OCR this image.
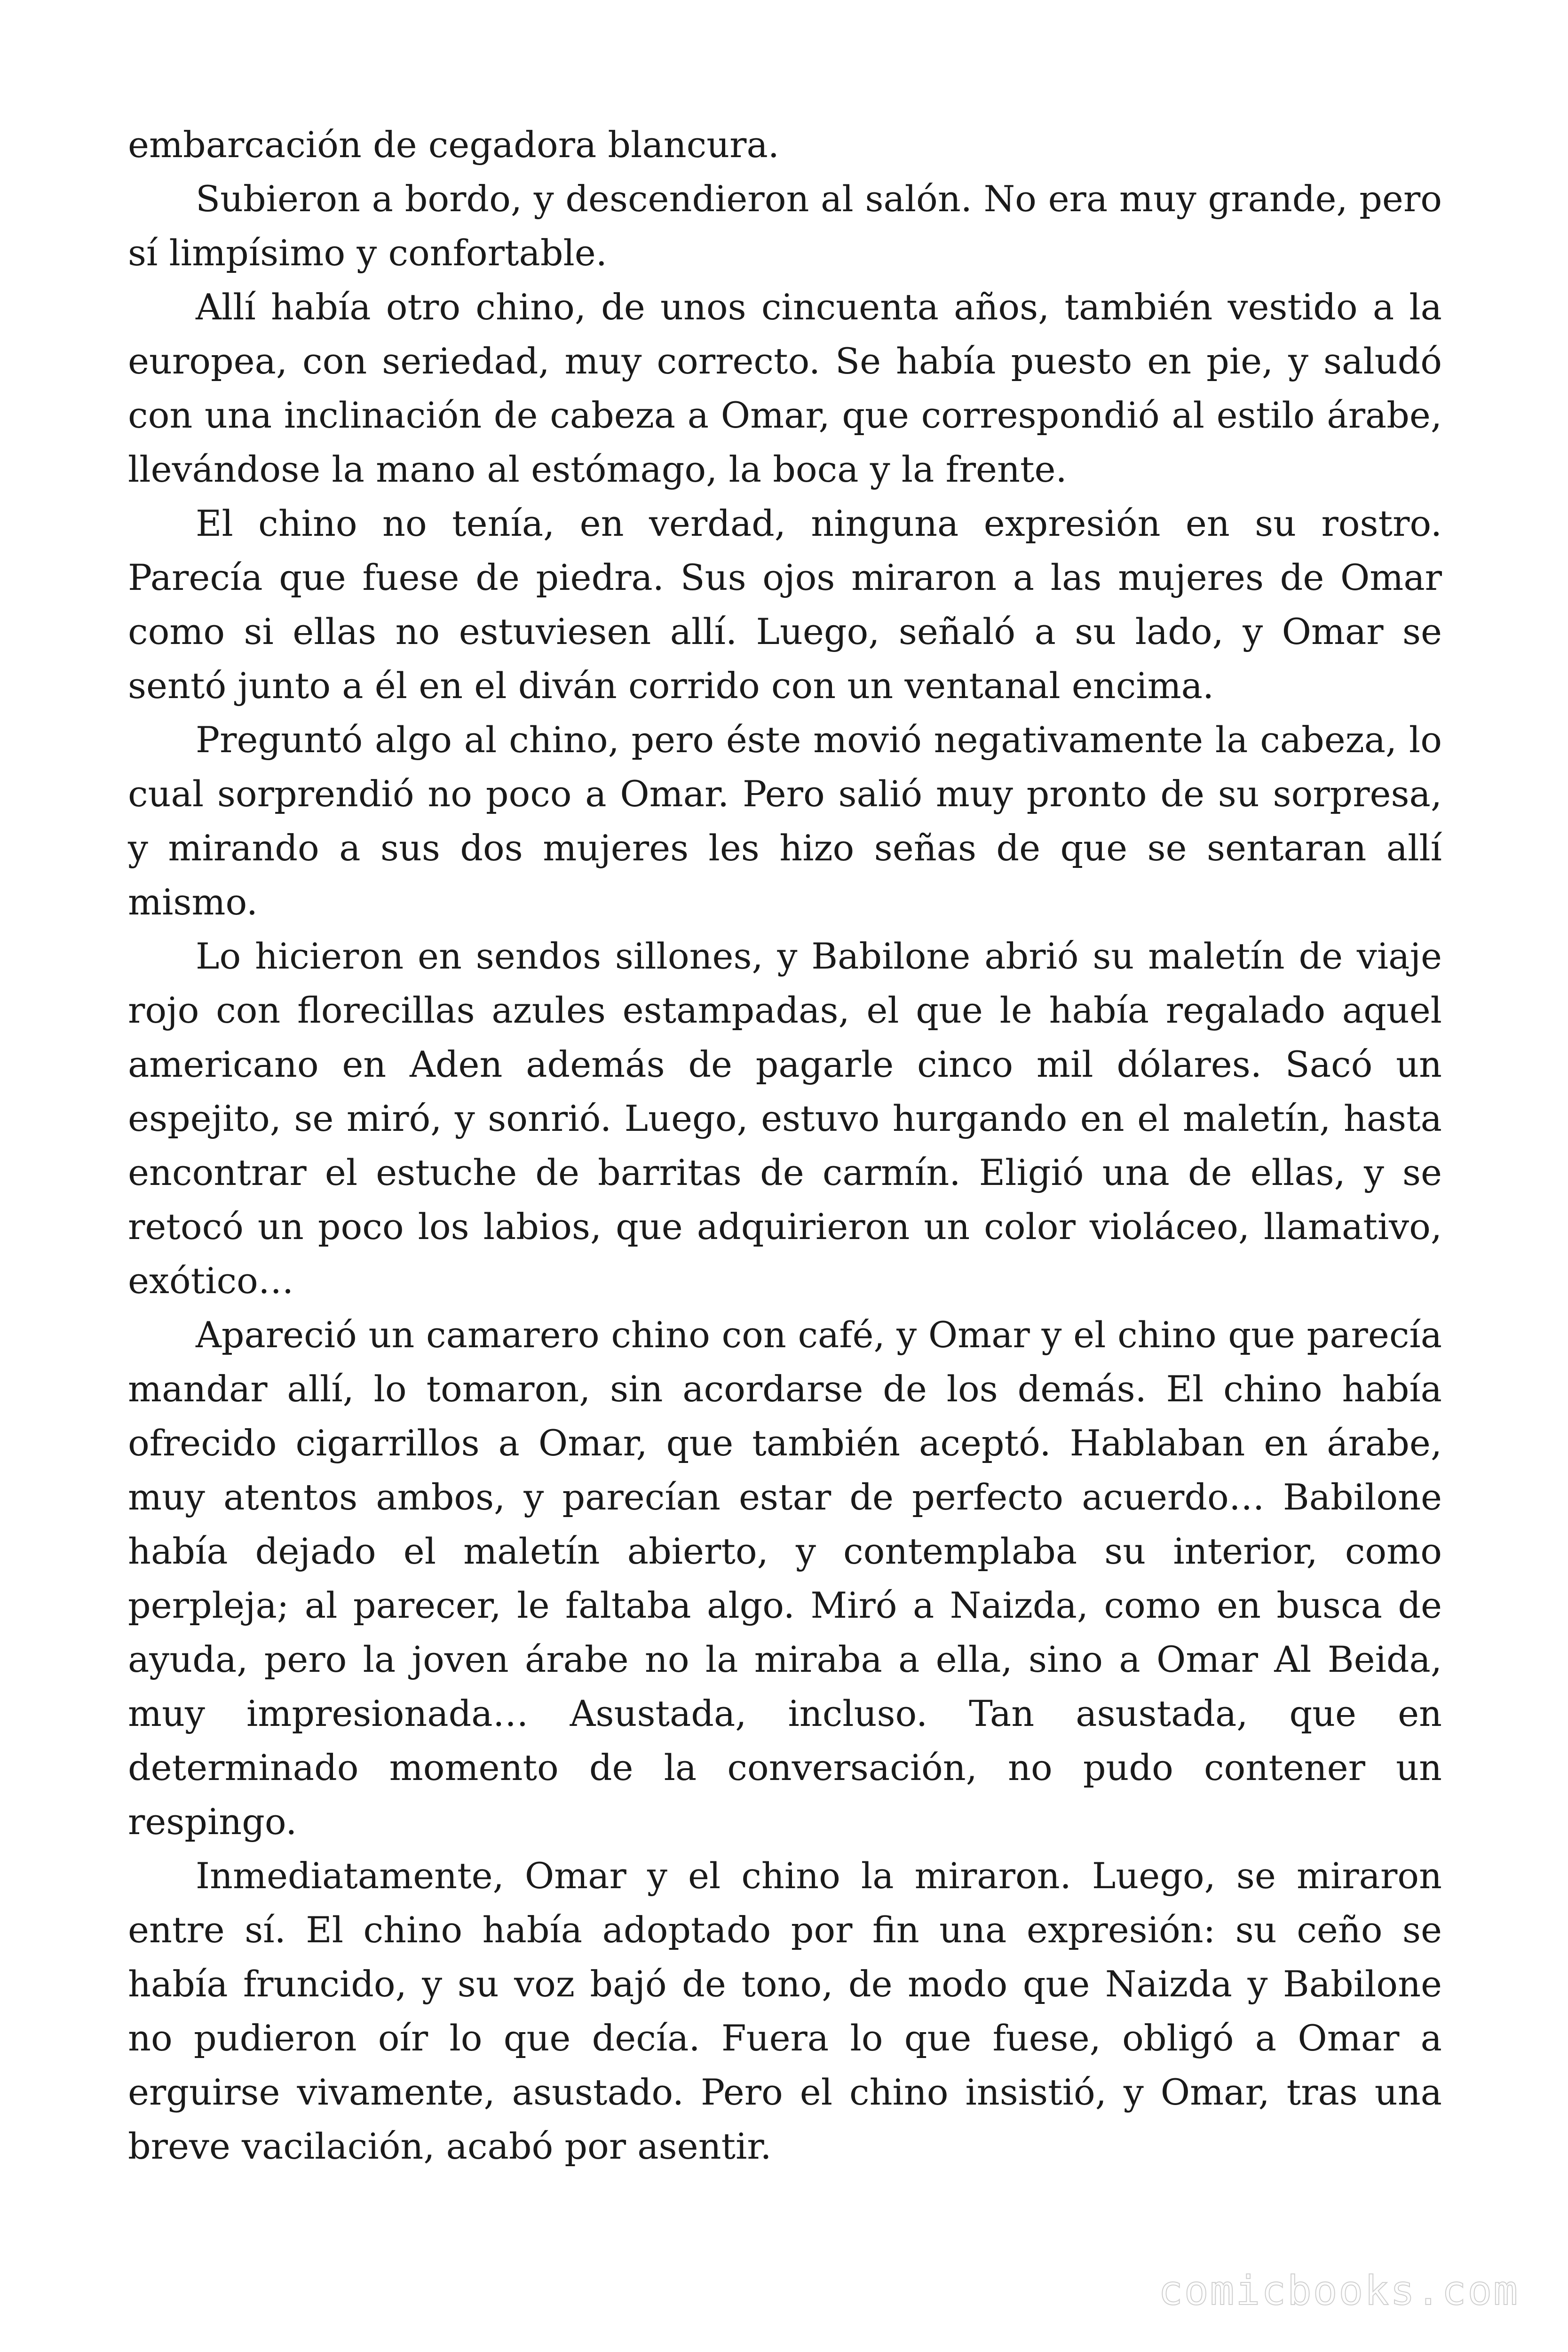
embarcación de cegadora blancura.

Subieron a bordo, y descendieron al salón. No era muy grande, pero sí limpísimo y confortable.

Allí había otro chino, de unos cincuenta años, también vestido a la europea, con seriedad, muy correcto. Se había puesto en pie, y saludó con una inclinación de cabeza a Omar, que correspondió al estilo árabe, llevándose la mano al estómago, la boca y la frente.

El chino no tenía, en verdad, ninguna expresión en su rostro. Parecía que fuese de piedra. Sus ojos miraron a las mujeres de Omar como si ellas no estuviesen allí. Luego, señaló a su lado, y Omar se sentó junto a él en el diván corrido con un ventanal encima.

Preguntó algo al chino, pero éste movió negativamente la cabeza, lo cual sorprendió no poco a Omar. Pero salió muy pronto de su sorpresa, y mirando a sus dos mujeres les hizo señas de que se sentaran allí mismo.

Lo hicieron en sendos sillones, y Babilone abrió su maletín de viaje rojo con florecillas azules estampadas, el que le había regalado aquel americano en Aden además de pagarle cinco mil dólares. Sacó un espejito, se miró, y sonrió. Luego, estuvo hurgando en el maletín, hasta encontrar el estuche de barritas de carmín. Eligió una de ellas, y se retocó un poco los labios, que adquirieron un color violáceo, llamativo, exótico…

Apareció un camarero chino con café, y Omar y el chino que parecía mandar allí, lo tomaron, sin acordarse de los demás. El chino había ofrecido cigarrillos a Omar, que también aceptó. Hablaban en árabe, muy atentos ambos, y parecían estar de perfecto acuerdo… Babilone había dejado el maletín abierto, y contemplaba su interior, como perpleja; al parecer, le faltaba algo. Miró a Naizda, como en busca de ayuda, pero la joven árabe no la miraba a ella, sino a Omar Al Beida, muy impresionada… Asustada, incluso. Tan asustada, que en determinado momento de la conversación, no pudo contener un respingo.

Inmediatamente, Omar y el chino la miraron. Luego, se miraron entre sí. El chino había adoptado por fin una expresión: su ceño se había fruncido, y su voz bajó de tono, de modo que Naizda y Babilone no pudieron oír lo que decía. Fuera lo que fuese, obligó a Omar a erguirse vivamente, asustado. Pero el chino insistió, y Omar, tras una breve vacilación, acabó por asentir.

comicbooks.com
